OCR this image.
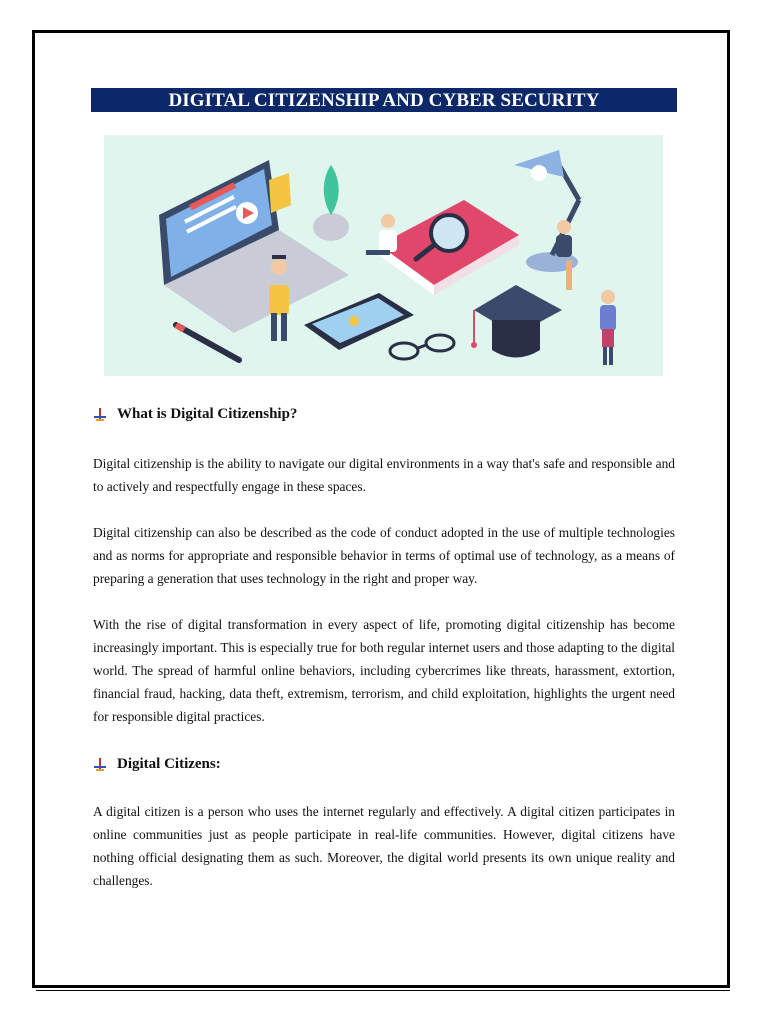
DIGITAL CITIZENSHIP AND CYBER SECURITY
What is Digital Citizenship?

Digital citizenship is the ability to navigate our digital environments in a way that's safe and responsible and to actively and respectfully engage in these spaces.

Digital citizenship can also be described as the code of conduct adopted in the use of multiple technologies and as norms for appropriate and responsible behavior in terms of optimal use of technology, as a means of preparing a generation that uses technology in the right and proper way.

With the rise of digital transformation in every aspect of life, promoting digital citizenship has become increasingly important. This is especially true for both regular internet users and those adapting to the digital world. The spread of harmful online behaviors, including cybercrimes like threats, harassment, extortion, financial fraud, hacking, data theft, extremism, terrorism, and child exploitation, highlights the urgent need for responsible digital practices.

Digital Citizens:

A digital citizen is a person who uses the internet regularly and effectively. A digital citizen participates in online communities just as people participate in real-life communities. However, digital citizens have nothing official designating them as such. Moreover, the digital world presents its own unique reality and challenges.
